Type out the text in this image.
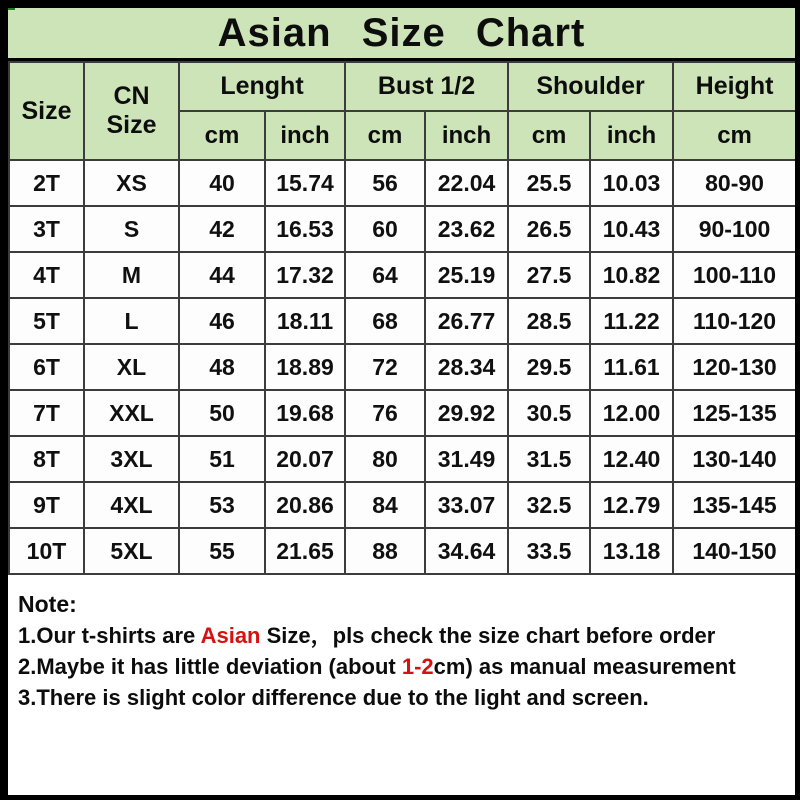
Asian Size Chart
Size	CN Size	Lenght		Bust 1/2		Shoulder		Height
		cm	inch	cm	inch	cm	inch	cm
2T	XS	40	15.74	56	22.04	25.5	10.03	80-90
3T	S	42	16.53	60	23.62	26.5	10.43	90-100
4T	M	44	17.32	64	25.19	27.5	10.82	100-110
5T	L	46	18.11	68	26.77	28.5	11.22	110-120
6T	XL	48	18.89	72	28.34	29.5	11.61	120-130
7T	XXL	50	19.68	76	29.92	30.5	12.00	125-135
8T	3XL	51	20.07	80	31.49	31.5	12.40	130-140
9T	4XL	53	20.86	84	33.07	32.5	12.79	135-145
10T	5XL	55	21.65	88	34.64	33.5	13.18	140-150
Note:
1.Our t-shirts are Asian Size，pls check the size chart before order
2.Maybe it has little deviation (about 1-2cm) as manual measurement
3.There is slight color difference due to the light and screen.
